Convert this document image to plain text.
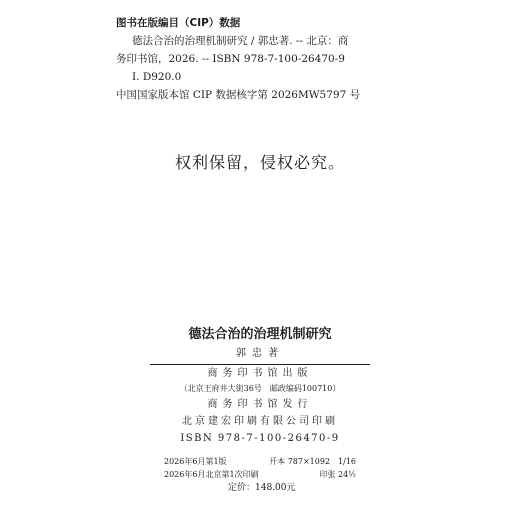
图书在版编目（CIP）数据
德法合治的治理机制研究 / 郭忠著. -- 北京：商
务印书馆，2026. -- ISBN 978-7-100-26470-9
Ⅰ. D920.0
中国国家版本馆 CIP 数据核字第 2026MW5797 号
权利保留，侵权必究。
德法合治的治理机制研究
郭忠著
商务印书馆出版
（北京王府井大街36号　邮政编码100710）
商务印书馆发行
北京建宏印刷有限公司印刷
ISBN 978-7-100-26470-9
2026年6月第1版	开本 787×1092　1/16
2026年6月北京第1次印刷	印张 24½
定价：148.00元
